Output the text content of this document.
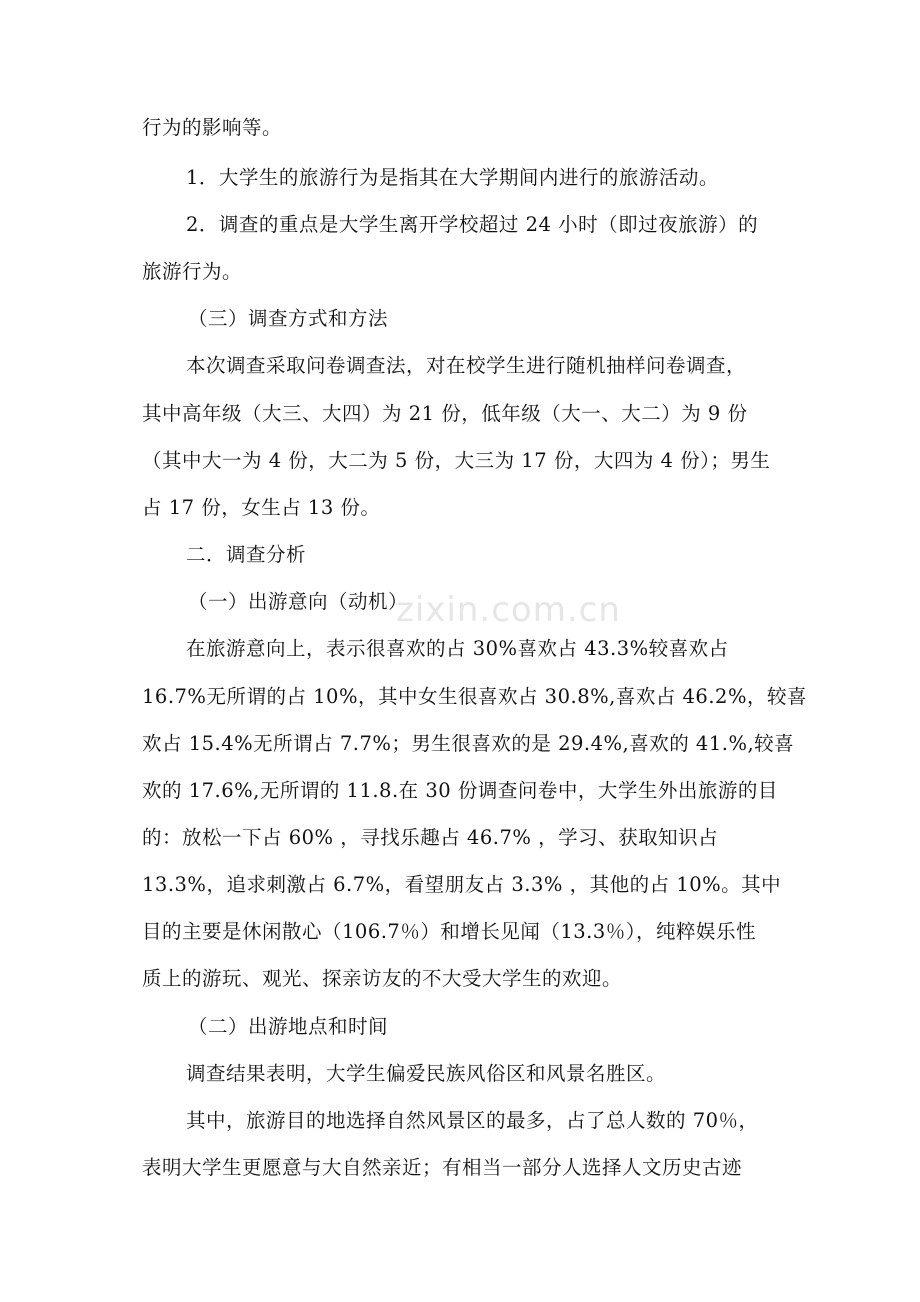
zixin.com.cn
行为的影响等。
1．大学生的旅游行为是指其在大学期间内进行的旅游活动。
2．调查的重点是大学生离开学校超过 24 小时（即过夜旅游）的
旅游行为。
（三）调查方式和方法
本次调查采取问卷调查法，对在校学生进行随机抽样问卷调查，
其中高年级（大三、大四）为 21 份，低年级（大一、大二）为 9 份
（其中大一为 4 份，大二为 5 份，大三为 17 份，大四为 4 份）；男生
占 17 份，女生占 13 份。
二．调查分析
（一）出游意向（动机）
在旅游意向上，表示很喜欢的占 30%喜欢占 43.3%较喜欢占
16.7%无所谓的占 10%，其中女生很喜欢占 30.8%,喜欢占 46.2%，较喜
欢占 15.4%无所谓占 7.7%；男生很喜欢的是 29.4%,喜欢的 41.%,较喜
欢的 17.6%,无所谓的 11.8.在 30 份调查问卷中，大学生外出旅游的目
的：放松一下占 60% ，寻找乐趣占 46.7% ，学习、获取知识占
13.3%，追求刺激占 6.7%，看望朋友占 3.3% ，其他的占 10%。其中
目的主要是休闲散心（106.7％）和增长见闻（13.3％），纯粹娱乐性
质上的游玩、观光、探亲访友的不大受大学生的欢迎。
（二）出游地点和时间
调查结果表明，大学生偏爱民族风俗区和风景名胜区。
其中，旅游目的地选择自然风景区的最多，占了总人数的 70％，
表明大学生更愿意与大自然亲近；有相当一部分人选择人文历史古迹
